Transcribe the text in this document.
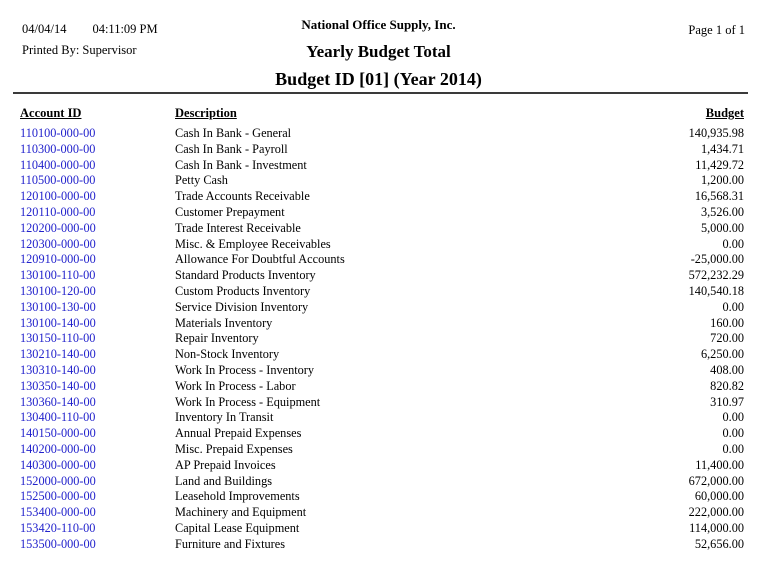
04/04/14 04:11:09 PM
Printed By: Supervisor
National Office Supply, Inc.
Yearly Budget Total
Budget ID [01] (Year 2014)
Page 1 of 1
Account ID	Description	Budget
110100-000-00	Cash In Bank - General	140,935.98
110300-000-00	Cash In Bank - Payroll	1,434.71
110400-000-00	Cash In Bank - Investment	11,429.72
110500-000-00	Petty Cash	1,200.00
120100-000-00	Trade Accounts Receivable	16,568.31
120110-000-00	Customer Prepayment	3,526.00
120200-000-00	Trade Interest Receivable	5,000.00
120300-000-00	Misc. & Employee Receivables	0.00
120910-000-00	Allowance For Doubtful Accounts	-25,000.00
130100-110-00	Standard Products Inventory	572,232.29
130100-120-00	Custom Products Inventory	140,540.18
130100-130-00	Service Division Inventory	0.00
130100-140-00	Materials Inventory	160.00
130150-110-00	Repair Inventory	720.00
130210-140-00	Non-Stock Inventory	6,250.00
130310-140-00	Work In Process - Inventory	408.00
130350-140-00	Work In Process - Labor	820.82
130360-140-00	Work In Process - Equipment	310.97
130400-110-00	Inventory In Transit	0.00
140150-000-00	Annual Prepaid Expenses	0.00
140200-000-00	Misc. Prepaid Expenses	0.00
140300-000-00	AP Prepaid Invoices	11,400.00
152000-000-00	Land and Buildings	672,000.00
152500-000-00	Leasehold Improvements	60,000.00
153400-000-00	Machinery and Equipment	222,000.00
153420-110-00	Capital Lease Equipment	114,000.00
153500-000-00	Furniture and Fixtures	52,656.00
